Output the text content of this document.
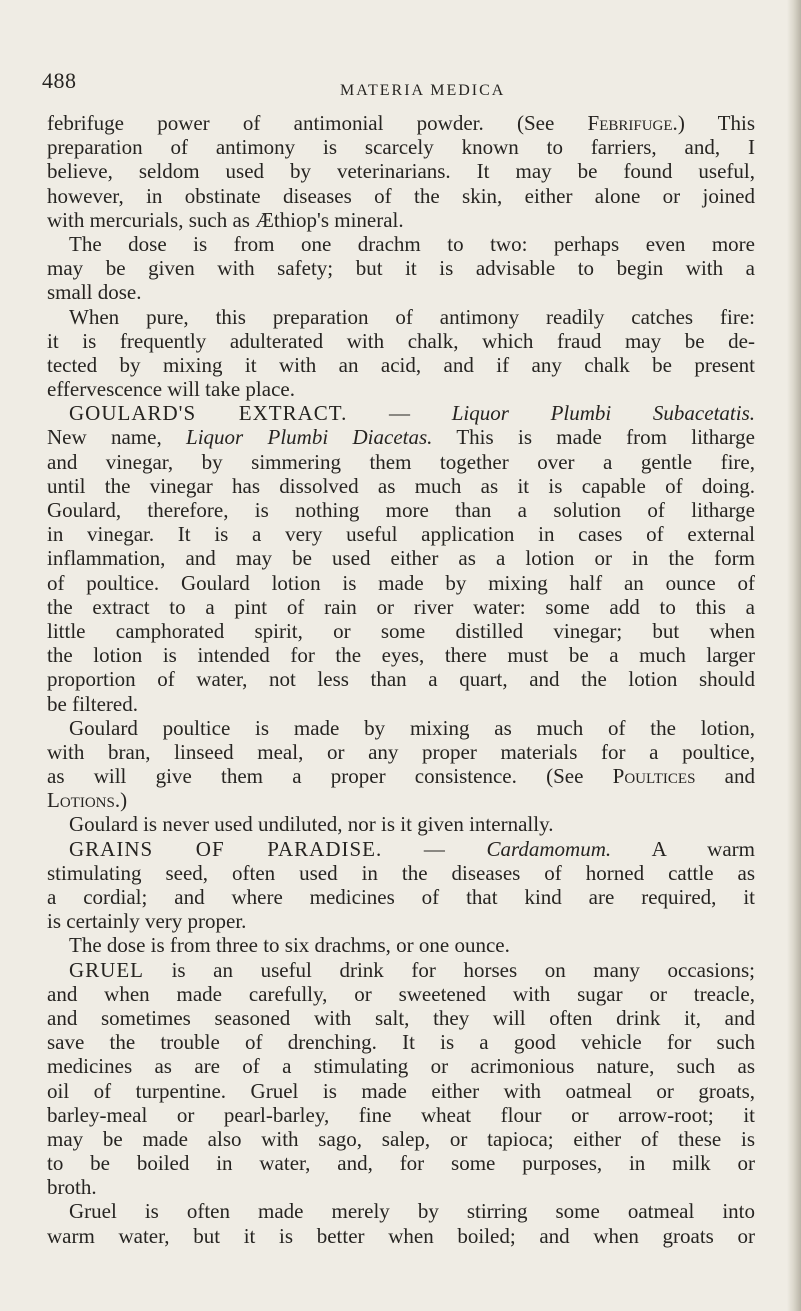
488	MATERIA MEDICA
febrifuge power of antimonial powder. (See Febrifuge.) This
preparation of antimony is scarcely known to farriers, and, I
believe, seldom used by veterinarians. It may be found useful,
however, in obstinate diseases of the skin, either alone or joined
with mercurials, such as Æthiop's mineral.
The dose is from one drachm to two: perhaps even more
may be given with safety; but it is advisable to begin with a
small dose.
When pure, this preparation of antimony readily catches fire:
it is frequently adulterated with chalk, which fraud may be de-
tected by mixing it with an acid, and if any chalk be present
effervescence will take place.
GOULARD'S EXTRACT. — Liquor Plumbi Subacetatis.
New name, Liquor Plumbi Diacetas. This is made from litharge
and vinegar, by simmering them together over a gentle fire,
until the vinegar has dissolved as much as it is capable of doing.
Goulard, therefore, is nothing more than a solution of litharge
in vinegar. It is a very useful application in cases of external
inflammation, and may be used either as a lotion or in the form
of poultice. Goulard lotion is made by mixing half an ounce of
the extract to a pint of rain or river water: some add to this a
little camphorated spirit, or some distilled vinegar; but when
the lotion is intended for the eyes, there must be a much larger
proportion of water, not less than a quart, and the lotion should
be filtered.
Goulard poultice is made by mixing as much of the lotion,
with bran, linseed meal, or any proper materials for a poultice,
as will give them a proper consistence. (See Poultices and
Lotions.)
Goulard is never used undiluted, nor is it given internally.
GRAINS OF PARADISE. — Cardamomum. A warm
stimulating seed, often used in the diseases of horned cattle as
a cordial; and where medicines of that kind are required, it
is certainly very proper.
The dose is from three to six drachms, or one ounce.
GRUEL is an useful drink for horses on many occasions;
and when made carefully, or sweetened with sugar or treacle,
and sometimes seasoned with salt, they will often drink it, and
save the trouble of drenching. It is a good vehicle for such
medicines as are of a stimulating or acrimonious nature, such as
oil of turpentine. Gruel is made either with oatmeal or groats,
barley-meal or pearl-barley, fine wheat flour or arrow-root; it
may be made also with sago, salep, or tapioca; either of these is
to be boiled in water, and, for some purposes, in milk or
broth.
Gruel is often made merely by stirring some oatmeal into
warm water, but it is better when boiled; and when groats or
